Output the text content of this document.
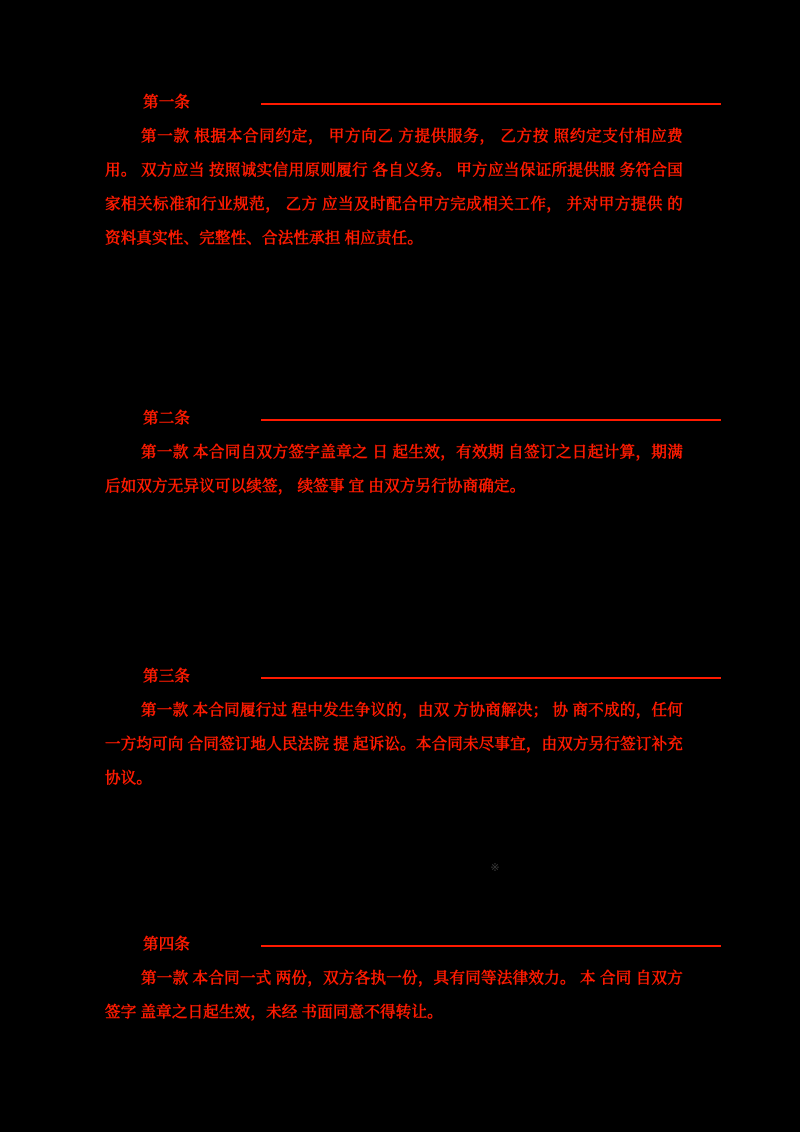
第一条
第一款 根据本合同约定， 甲方向乙 方提供服务， 乙方按 照约定支付相应费用。 双方应当 按照诚实信用原则履行 各自义务。 甲方应当保证所提供服 务符合国家相关标准和行业规范， 乙方 应当及时配合甲方完成相关工作， 并对甲方提供 的资料真实性、完整性、合法性承担 相应责任。
第二条
第一款 本合同自双方签字盖章之 日 起生效，有效期 自签订之日起计算，期满 后如双方无异议可以续签， 续签事 宜 由双方另行协商确定。
第三条
第一款 本合同履行过 程中发生争议的，由双 方协商解决； 协 商不成的，任何 一方均可向 合同签订地人民法院 提 起诉讼。本合同未尽事宜，由双方另行签订补充协议。
※
第四条
第一款 本合同一式 两份，双方各执一份，具有同等法律效力。 本 合同 自双方签字 盖章之日起生效，未经 书面同意不得转让。
